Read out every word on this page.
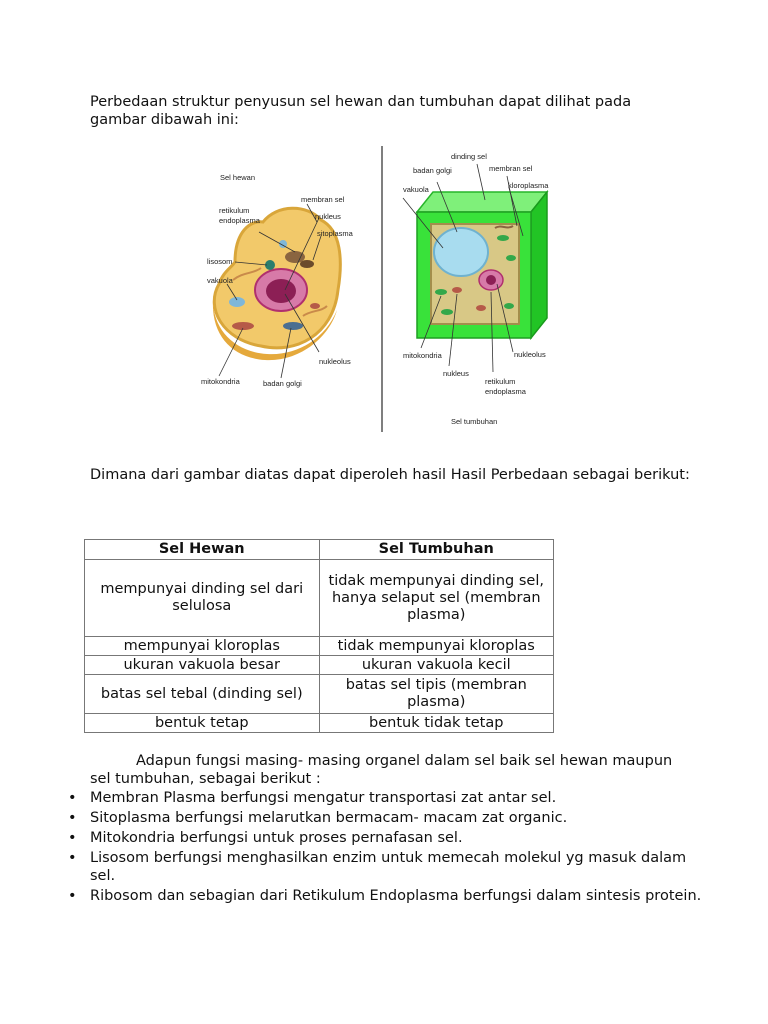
Perbedaan struktur penyusun sel hewan dan tumbuhan dapat dilihat pada gambar dibawah ini:

Sel hewan
membran sel
retikulum
endoplasma	nukleus
sitoplasma
lisosom
vakuola
mitokondria	badan golgi
nukleolus
dinding sel
badan golgi	membran sel
kloroplasma
vakuola
mitokondria	nukleolus
nukleus
retikulum
endoplasma
Sel tumbuhan

Dimana dari gambar diatas dapat diperoleh hasil Hasil Perbedaan sebagai berikut:

Sel Hewan	Sel Tumbuhan
mempunyai dinding sel dari selulosa	tidak mempunyai dinding sel, hanya selaput sel (membran plasma)
mempunyai kloroplas	tidak mempunyai kloroplas
ukuran vakuola besar	ukuran vakuola kecil
batas sel tebal (dinding sel)	batas sel tipis (membran plasma)
bentuk tetap	bentuk tidak tetap

Adapun fungsi masing- masing organel dalam sel baik sel hewan maupun sel tumbuhan, sebagai berikut :

• Membran Plasma berfungsi mengatur transportasi zat antar sel.
• Sitoplasma berfungsi melarutkan bermacam- macam zat organic.
• Mitokondria berfungsi untuk proses pernafasan sel.
• Lisosom berfungsi menghasilkan enzim untuk memecah molekul yg masuk dalam sel.
• Ribosom dan sebagian dari Retikulum Endoplasma berfungsi dalam sintesis protein.
